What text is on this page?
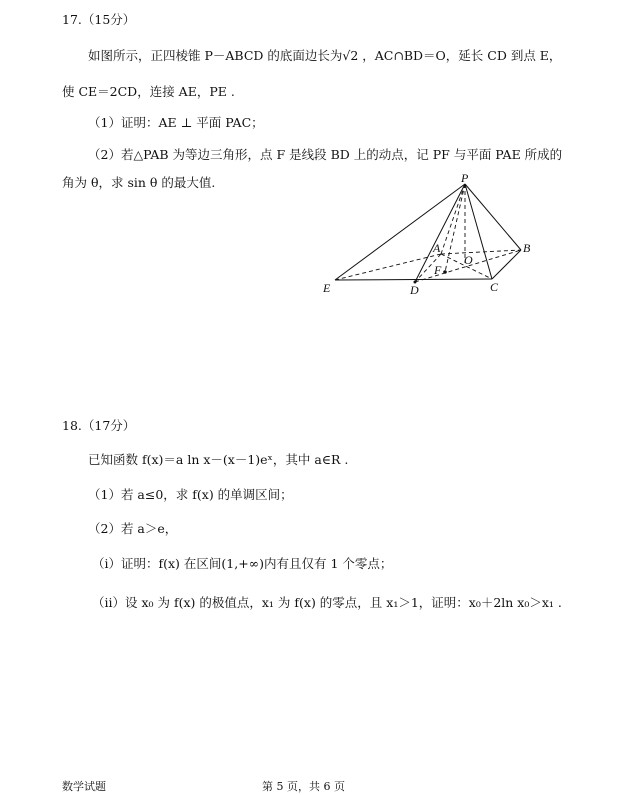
17.（15分）
如图所示，正四棱锥 P－ABCD 的底面边长为√2 ，AC∩BD＝O，延长 CD 到点 E，
使 CE＝2CD，连接 AE，PE .
（1）证明：AE ⊥ 平面 PAC；
（2）若△PAB 为等边三角形，点 F 是线段 BD 上的动点，记 PF 与平面 PAE 所成的
角为 θ，求 sin θ 的最大值.	P
A	B
C
D
E
F
O
18.（17分）
已知函数 f(x)＝a ln x－(x－1)eˣ，其中 a∈R .
（1）若 a≤0，求 f(x) 的单调区间；
（2）若 a＞e，
（i）证明：f(x) 在区间(1,+∞)内有且仅有 1 个零点；
（ii）设 x₀ 为 f(x) 的极值点，x₁ 为 f(x) 的零点，且 x₁＞1，证明：x₀＋2ln x₀＞x₁ .
数学试题	第 5 页，共 6 页
